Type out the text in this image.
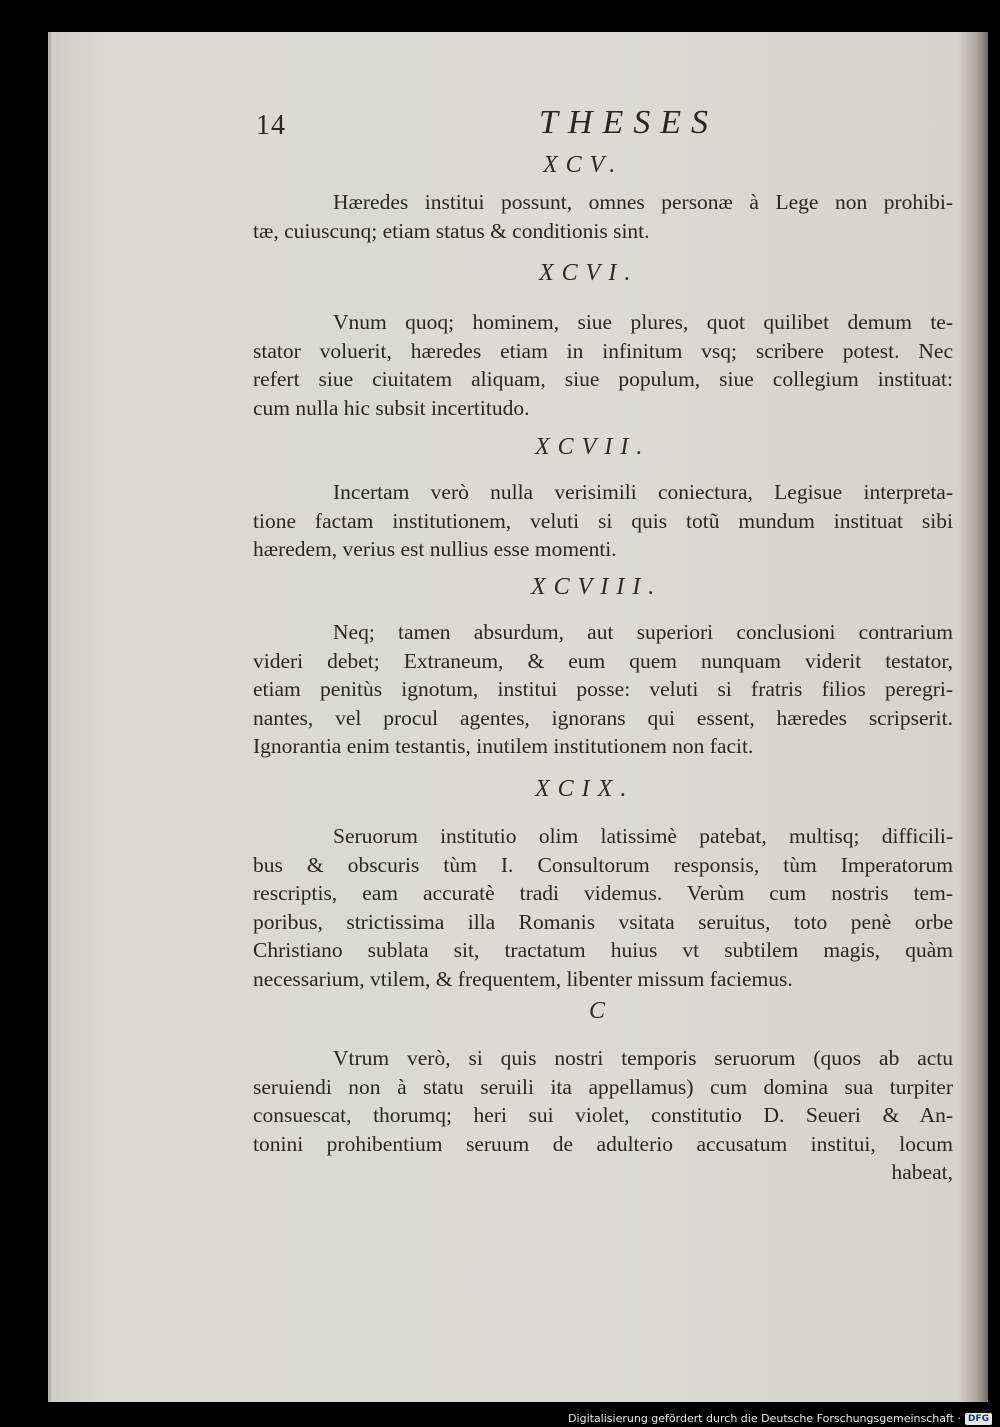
14	THESES
XCV.
Hæredes institui possunt, omnes personæ à Lege non prohibi-
tæ, cuiuscunq; etiam status & conditionis sint.
XCVI.
Vnum quoq; hominem, siue plures, quot quilibet demum te-
stator voluerit, hæredes etiam in infinitum vsq; scribere potest. Nec
refert siue ciuitatem aliquam, siue populum, siue collegium instituat:
cum nulla hic subsit incertitudo.
XCVII.
Incertam verò nulla verisimili coniectura, Legisue interpreta-
tione factam institutionem, veluti si quis totũ mundum instituat sibi
hæredem, verius est nullius esse momenti.
XCVIII.
Neq; tamen absurdum, aut superiori conclusioni contrarium
videri debet; Extraneum, & eum quem nunquam viderit testator,
etiam penitùs ignotum, institui posse: veluti si fratris filios peregri-
nantes, vel procul agentes, ignorans qui essent, hæredes scripserit.
Ignorantia enim testantis, inutilem institutionem non facit.
XCIX.
Seruorum institutio olim latissimè patebat, multisq; difficili-
bus & obscuris tùm I. Consultorum responsis, tùm Imperatorum
rescriptis, eam accuratè tradi videmus. Verùm cum nostris tem-
poribus, strictissima illa Romanis vsitata seruitus, toto penè orbe
Christiano sublata sit, tractatum huius vt subtilem magis, quàm
necessarium, vtilem, & frequentem, libenter missum faciemus.
C
Vtrum verò, si quis nostri temporis seruorum (quos ab actu
seruiendi non à statu seruili ita appellamus) cum domina sua turpiter
consuescat, thorumq; heri sui violet, constitutio D. Seueri & An-
tonini prohibentium seruum de adulterio accusatum institui, locum
habeat,
Digitalisierung gefördert durch die Deutsche Forschungsgemeinschaft · DFG
